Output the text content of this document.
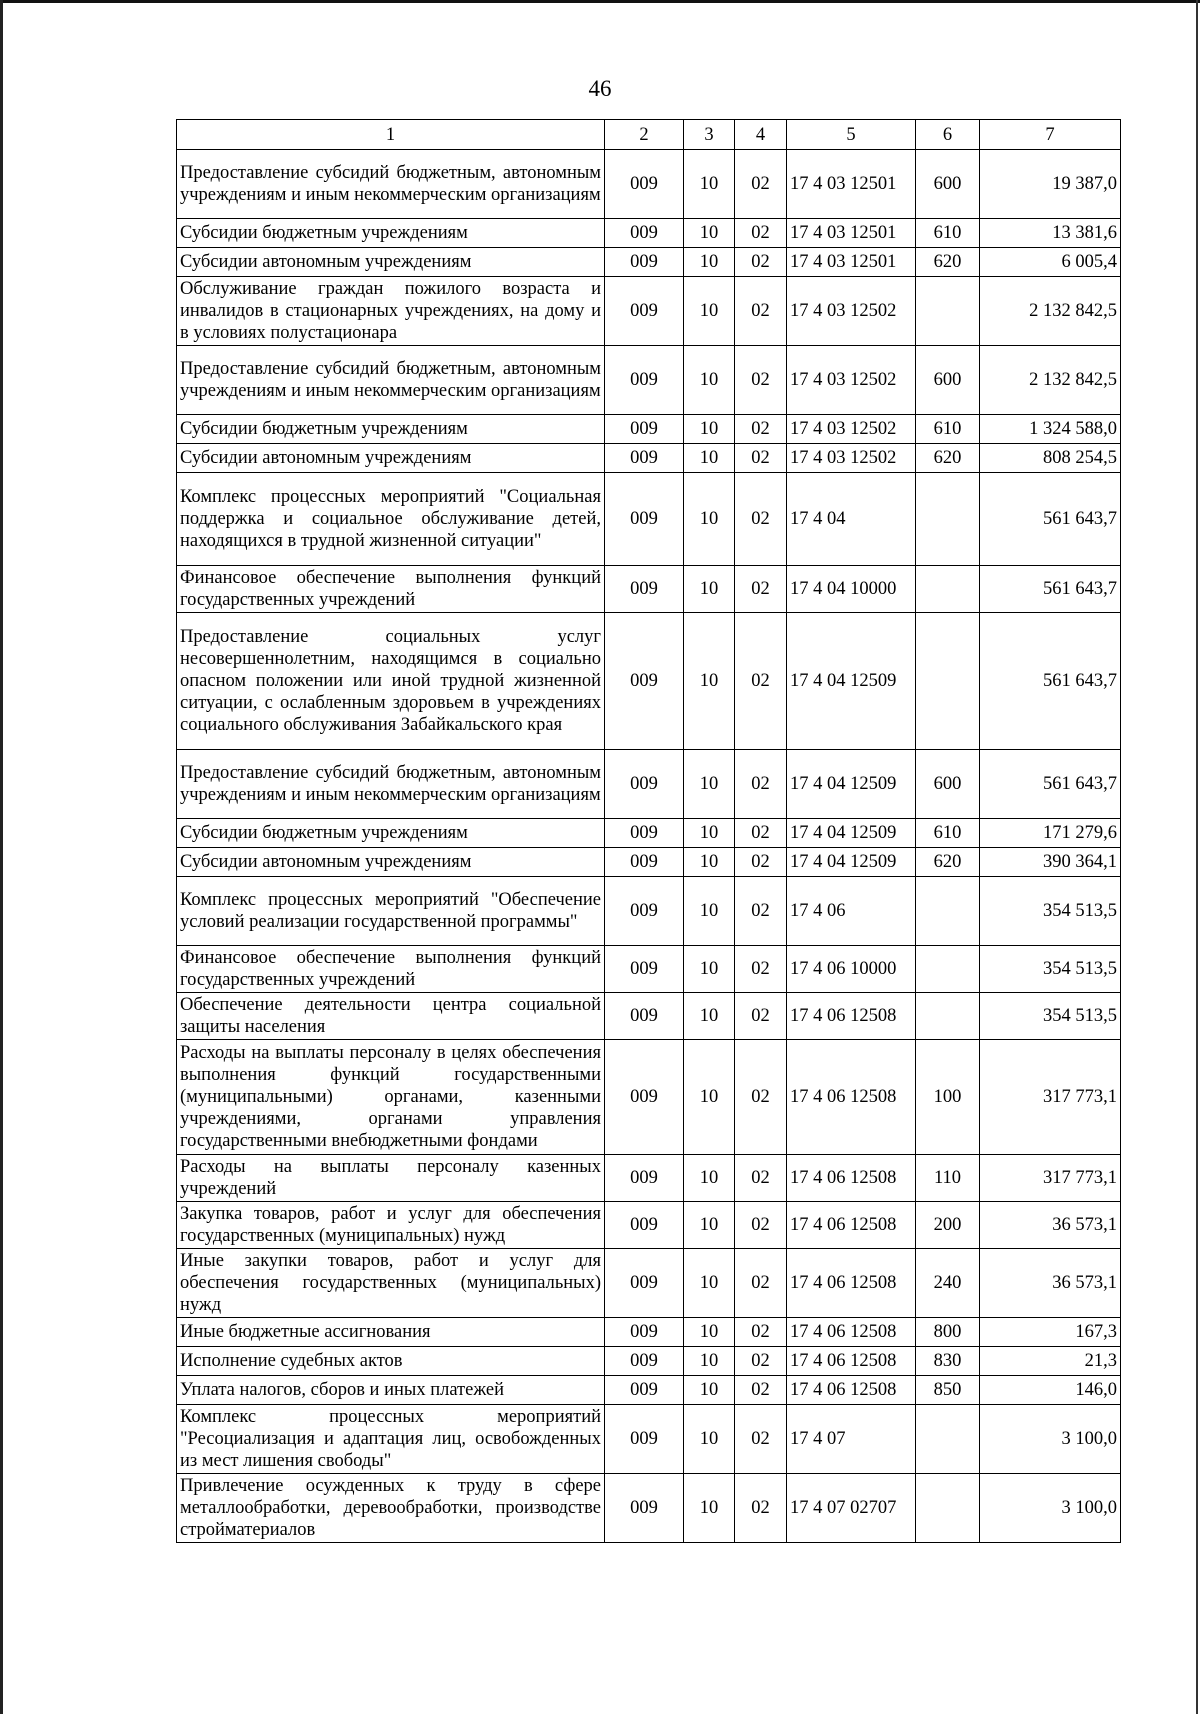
46
1	2	3	4	5	6	7
Предоставление субсидий бюджетным, автономным учреждениям и иным некоммерческим организациям	009	10	02	17 4 03 12501	600	19 387,0
Субсидии бюджетным учреждениям	009	10	02	17 4 03 12501	610	13 381,6
Субсидии автономным учреждениям	009	10	02	17 4 03 12501	620	6 005,4
Обслуживание граждан пожилого возраста и инвалидов в стационарных учреждениях, на дому и в условиях полустационара	009	10	02	17 4 03 12502		2 132 842,5
Предоставление субсидий бюджетным, автономным учреждениям и иным некоммерческим организациям	009	10	02	17 4 03 12502	600	2 132 842,5
Субсидии бюджетным учреждениям	009	10	02	17 4 03 12502	610	1 324 588,0
Субсидии автономным учреждениям	009	10	02	17 4 03 12502	620	808 254,5
Комплекс процессных мероприятий "Социальная поддержка и социальное обслуживание детей, находящихся в трудной жизненной ситуации"	009	10	02	17 4 04		561 643,7
Финансовое обеспечение выполнения функций государственных учреждений	009	10	02	17 4 04 10000		561 643,7
Предоставление социальных услуг несовершеннолетним, находящимся в социально опасном положении или иной трудной жизненной ситуации, с ослабленным здоровьем в учреждениях социального обслуживания Забайкальского края	009	10	02	17 4 04 12509		561 643,7
Предоставление субсидий бюджетным, автономным учреждениям и иным некоммерческим организациям	009	10	02	17 4 04 12509	600	561 643,7
Субсидии бюджетным учреждениям	009	10	02	17 4 04 12509	610	171 279,6
Субсидии автономным учреждениям	009	10	02	17 4 04 12509	620	390 364,1
Комплекс процессных мероприятий "Обеспечение условий реализации государственной программы"	009	10	02	17 4 06		354 513,5
Финансовое обеспечение выполнения функций государственных учреждений	009	10	02	17 4 06 10000		354 513,5
Обеспечение деятельности центра социальной защиты населения	009	10	02	17 4 06 12508		354 513,5
Расходы на выплаты персоналу в целях обеспечения выполнения функций государственными (муниципальными) органами, казенными учреждениями, органами управления государственными внебюджетными фондами	009	10	02	17 4 06 12508	100	317 773,1
Расходы на выплаты персоналу казенных учреждений	009	10	02	17 4 06 12508	110	317 773,1
Закупка товаров, работ и услуг для обеспечения государственных (муниципальных) нужд	009	10	02	17 4 06 12508	200	36 573,1
Иные закупки товаров, работ и услуг для обеспечения государственных (муниципальных) нужд	009	10	02	17 4 06 12508	240	36 573,1
Иные бюджетные ассигнования	009	10	02	17 4 06 12508	800	167,3
Исполнение судебных актов	009	10	02	17 4 06 12508	830	21,3
Уплата налогов, сборов и иных платежей	009	10	02	17 4 06 12508	850	146,0
Комплекс процессных мероприятий "Ресоциализация и адаптация лиц, освобожденных из мест лишения свободы"	009	10	02	17 4 07		3 100,0
Привлечение осужденных к труду в сфере металлообработки, деревообработки, производстве стройматериалов	009	10	02	17 4 07 02707		3 100,0
